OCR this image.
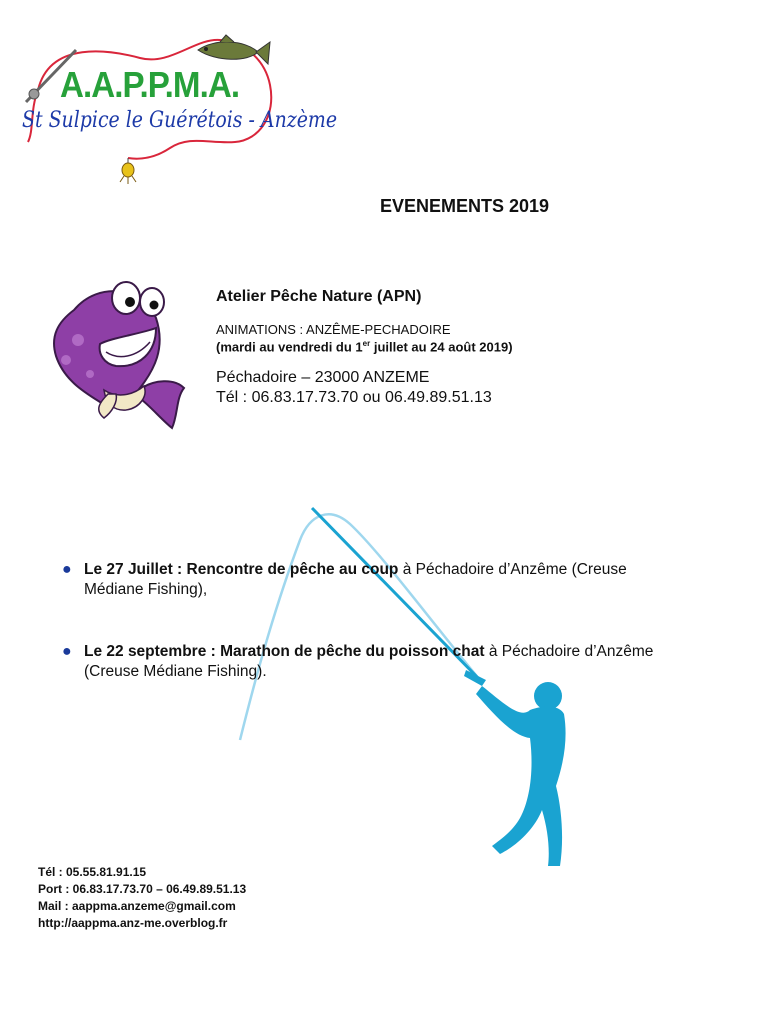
A.A.P.P.M.A.
St Sulpice le Guérétois - Anzème
EVENEMENTS 2019

Atelier Pêche Nature (APN)

ANIMATIONS : ANZÊME-PECHADOIRE

(mardi au vendredi du 1er juillet au 24 août 2019)

Péchadoire – 23000 ANZEME

Tél : 06.83.17.73.70 ou 06.49.89.51.13

● Le 27 Juillet : Rencontre de pêche au coup à Péchadoire d’Anzême (Creuse Médiane Fishing),
● Le 22 septembre : Marathon de pêche du poisson chat à Péchadoire d’Anzême (Creuse Médiane Fishing).
Tél : 05.55.81.91.15
Port : 06.83.17.73.70 – 06.49.89.51.13
Mail : aappma.anzeme@gmail.com
http://aappma.anz-me.overblog.fr
